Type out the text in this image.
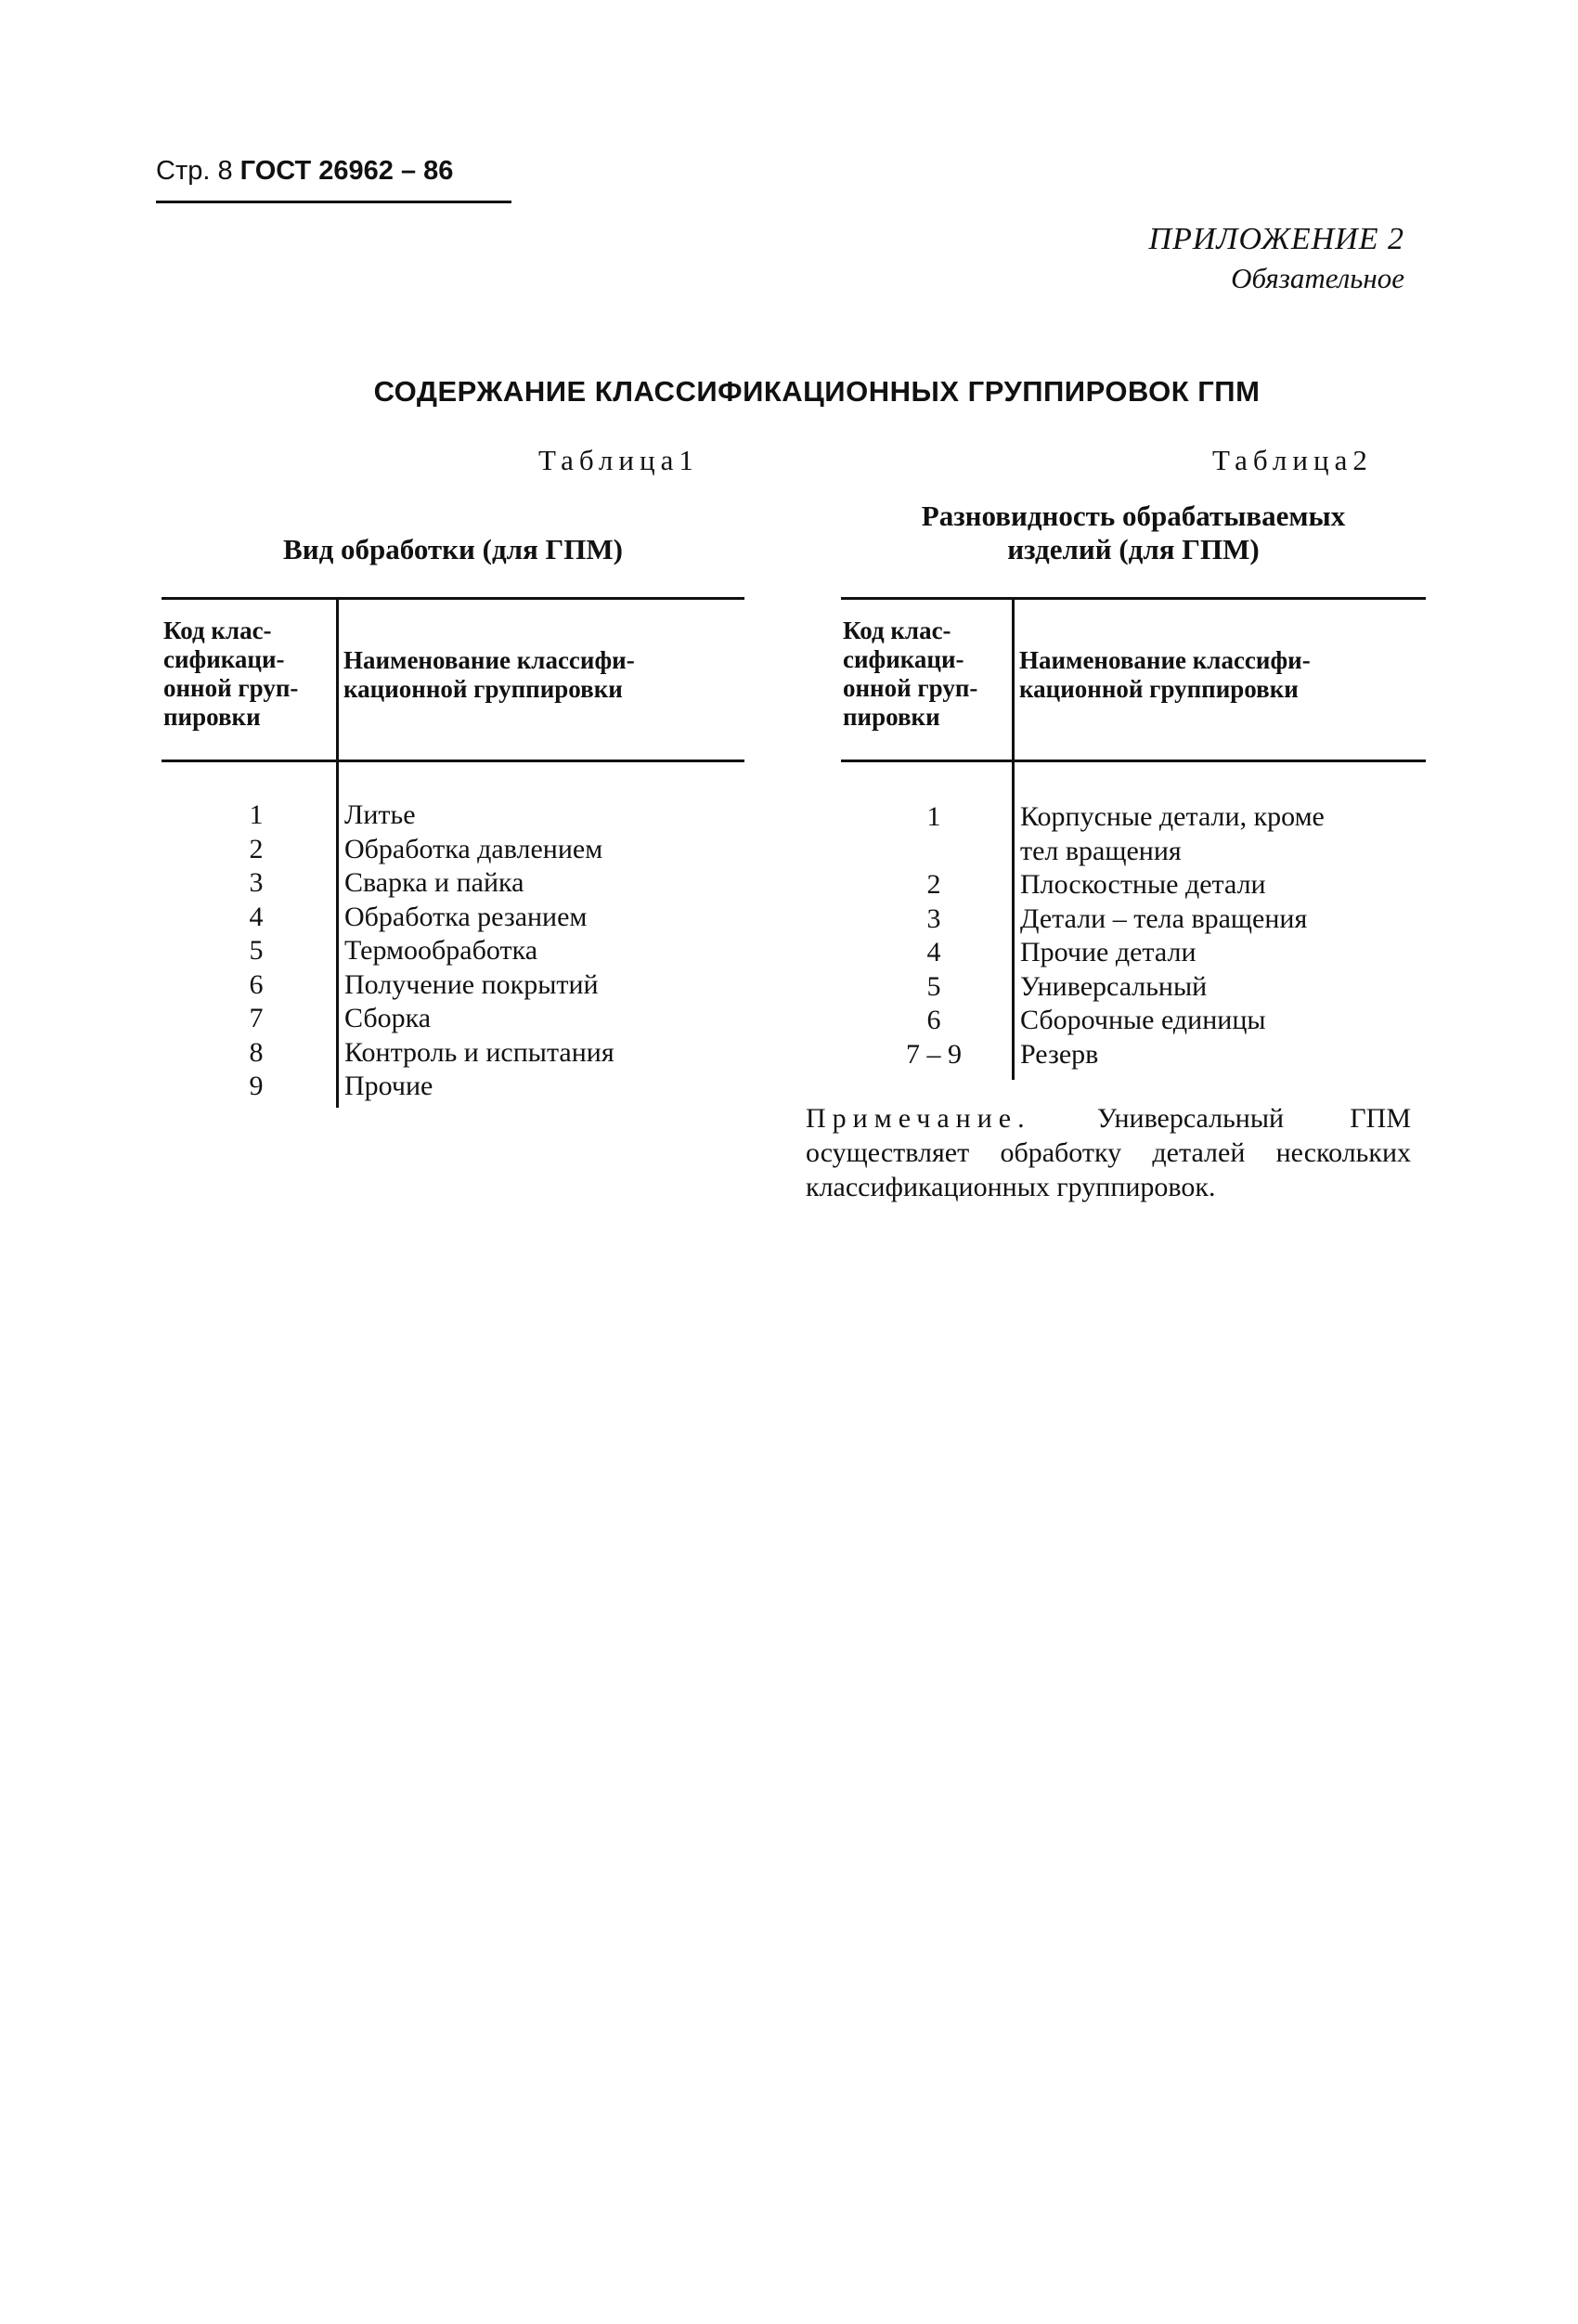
Стр. 8 ГОСТ 26962 – 86
ПРИЛОЖЕНИЕ 2
Обязательное
СОДЕРЖАНИЕ КЛАССИФИКАЦИОННЫХ ГРУППИРОВОК ГПМ
Таблица1
Вид обработки (для ГПМ)
Код клас-
сификаци-
онной груп-
пировки
Наименование классифи-
кационной группировки
1
2
3
4
5
6
7
8
9
Литье
Обработка давлением
Сварка и пайка
Обработка резанием
Термообработка
Получение покрытий
Сборка
Контроль и испытания
Прочие
Таблица2
Разновидность обрабатываемых
изделий (для ГПМ)
Код клас-
сификаци-
онной груп-
пировки
Наименование классифи-
кационной группировки
1
2
3
4
5
6
7 – 9
Корпусные детали, кроме
тел вращения
Плоскостные детали
Детали – тела вращения
Прочие детали
Универсальный
Сборочные единицы
Резерв
Примечание. Универсальный ГПМ осуществляет обработку деталей нескольких классификационных группировок.
